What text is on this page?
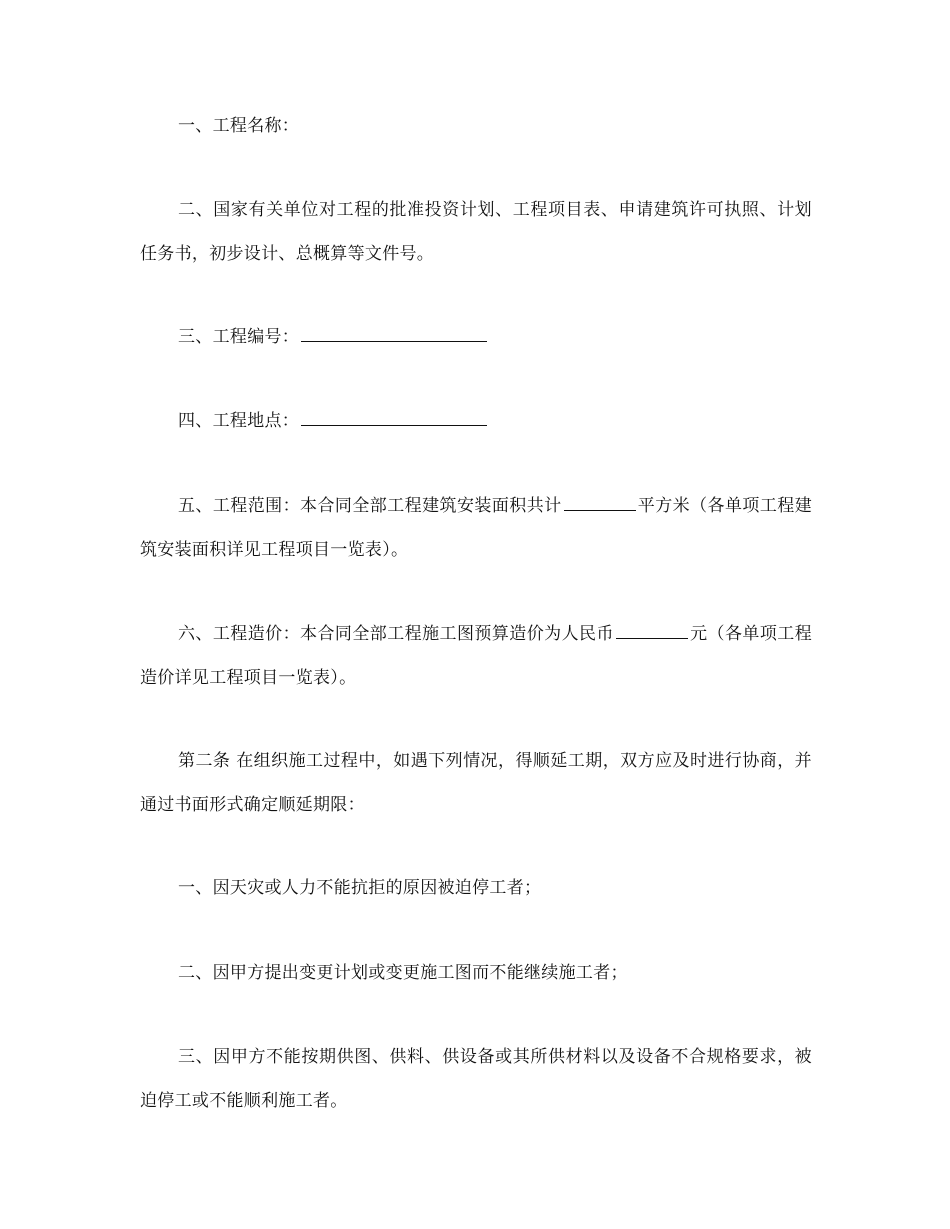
一、工程名称：

二、国家有关单位对工程的批准投资计划、工程项目表、申请建筑许可执照、计划任务书，初步设计、总概算等文件号。

三、工程编号：

四、工程地点：

五、工程范围：本合同全部工程建筑安装面积共计	平方米（各单项工程建筑安装面积详见工程项目一览表）。

六、工程造价：本合同全部工程施工图预算造价为人民币	元（各单项工程造价详见工程项目一览表）。

第二条 在组织施工过程中，如遇下列情况，得顺延工期，双方应及时进行协商，并通过书面形式确定顺延期限：

一、因天灾或人力不能抗拒的原因被迫停工者；

二、因甲方提出变更计划或变更施工图而不能继续施工者；

三、因甲方不能按期供图、供料、供设备或其所供材料以及设备不合规格要求，被迫停工或不能顺利施工者。
